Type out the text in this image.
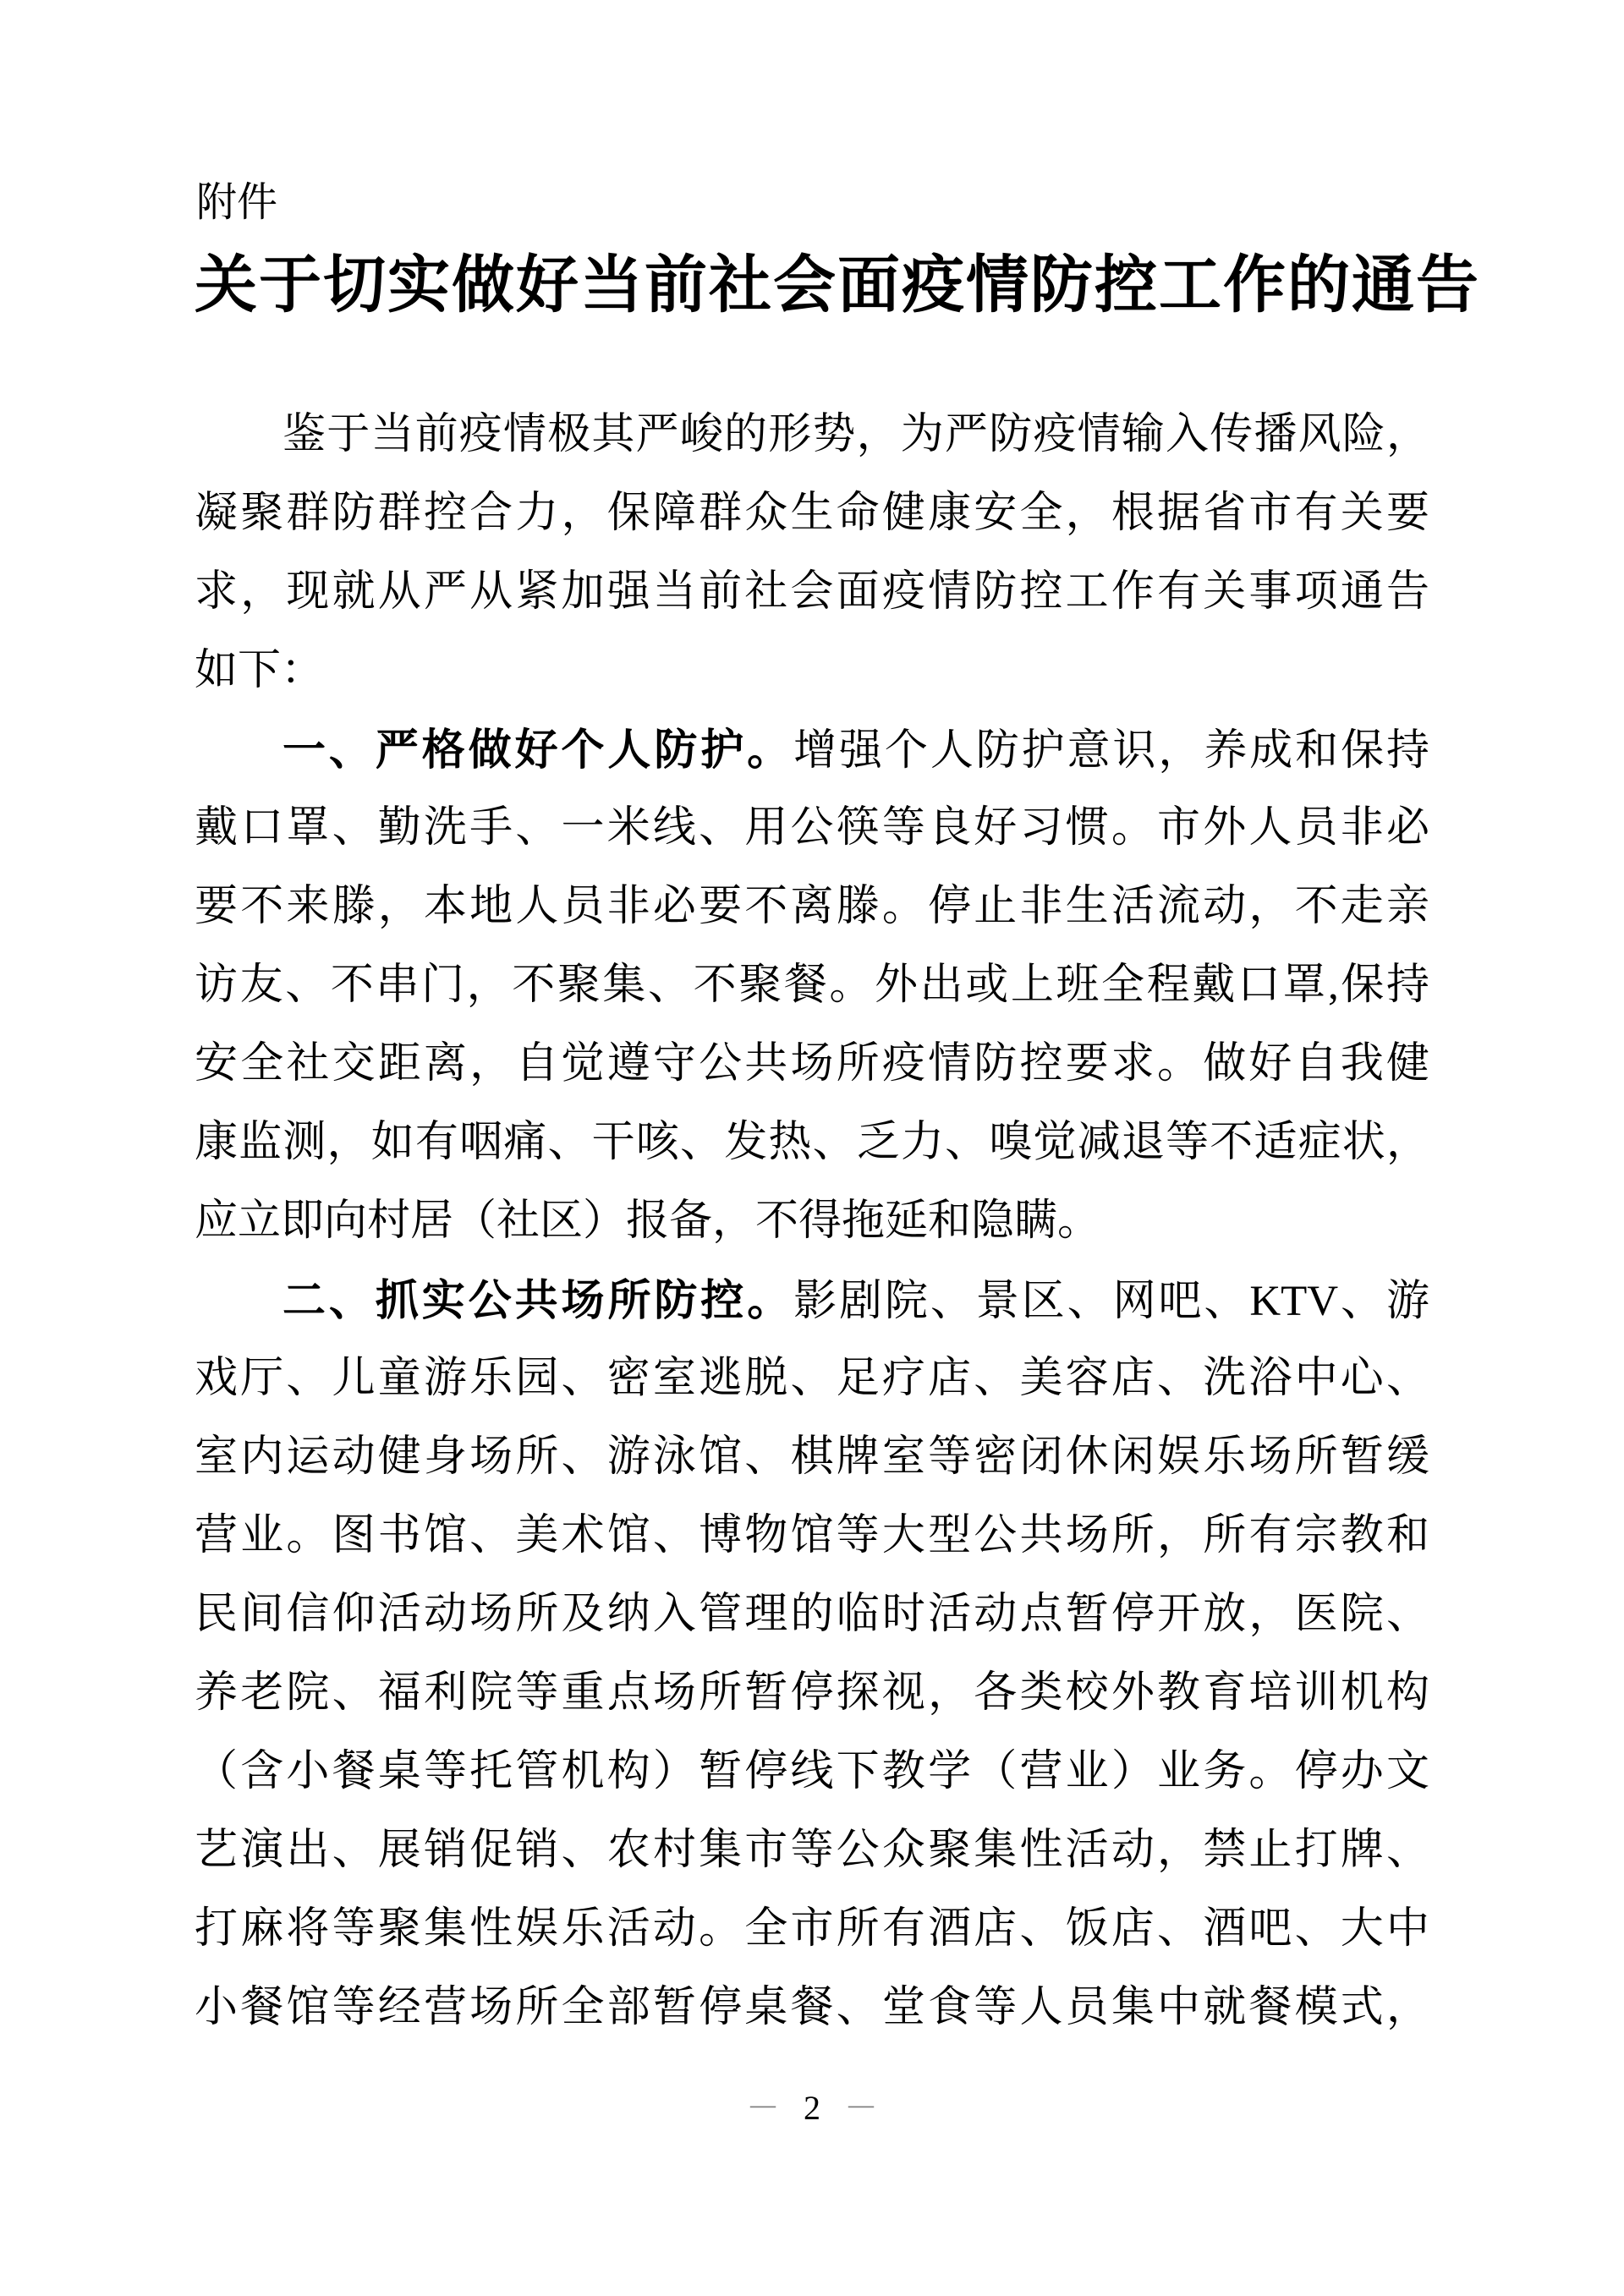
附件
关于切实做好当前社会面疫情防控工作的通告
鉴于当前疫情极其严峻的形势，为严防疫情输入传播风险，
凝聚群防群控合力，保障群众生命健康安全，根据省市有关要
求，现就从严从紧加强当前社会面疫情防控工作有关事项通告
如下：
一、严格做好个人防护。增强个人防护意识，养成和保持
戴口罩、勤洗手、一米线、用公筷等良好习惯。市外人员非必
要不来滕，本地人员非必要不离滕。停止非生活流动，不走亲
访友、不串门，不聚集、不聚餐。外出或上班全程戴口罩,保持
安全社交距离，自觉遵守公共场所疫情防控要求。做好自我健
康监测，如有咽痛、干咳、发热、乏力、嗅觉减退等不适症状，
应立即向村居（社区）报备，不得拖延和隐瞒。
二、抓实公共场所防控。影剧院、景区、网吧、KTV、游
戏厅、儿童游乐园、密室逃脱、足疗店、美容店、洗浴中心、
室内运动健身场所、游泳馆、棋牌室等密闭休闲娱乐场所暂缓
营业。图书馆、美术馆、博物馆等大型公共场所，所有宗教和
民间信仰活动场所及纳入管理的临时活动点暂停开放，医院、
养老院、福利院等重点场所暂停探视，各类校外教育培训机构
（含小餐桌等托管机构）暂停线下教学（营业）业务。停办文
艺演出、展销促销、农村集市等公众聚集性活动，禁止打牌、
打麻将等聚集性娱乐活动。全市所有酒店、饭店、酒吧、大中
小餐馆等经营场所全部暂停桌餐、堂食等人员集中就餐模式，
－ 2 －
